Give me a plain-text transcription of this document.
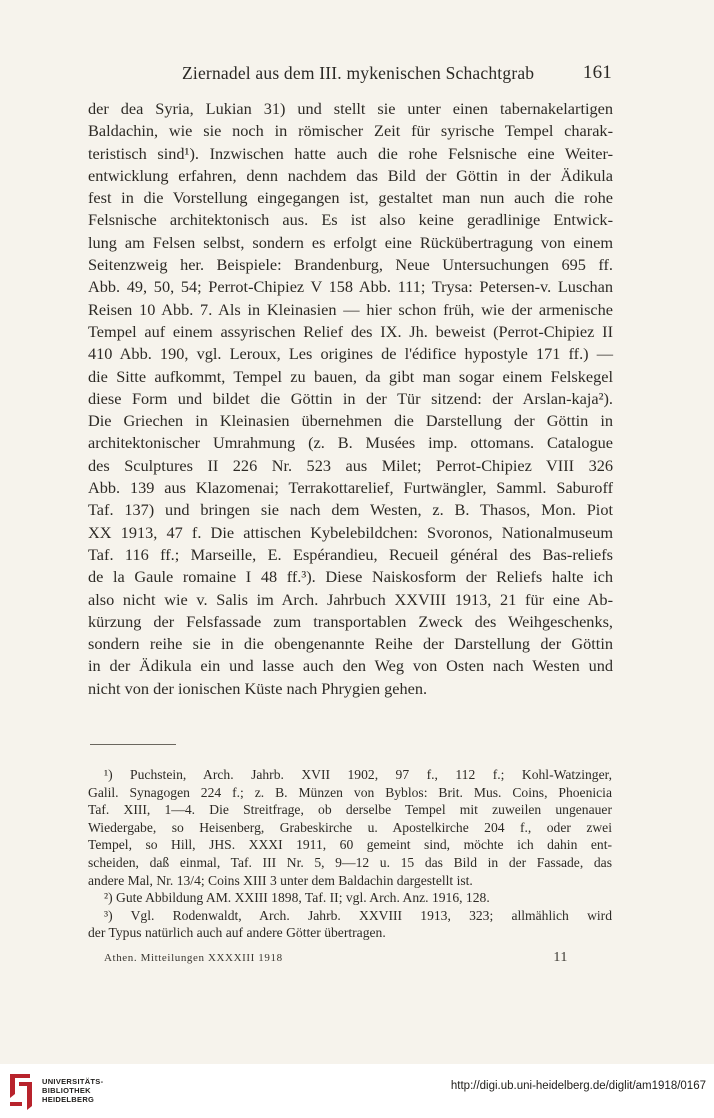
Ziernadel aus dem III. mykenischen Schachtgrab	161
der dea Syria, Lukian 31) und stellt sie unter einen tabernakelartigen
Baldachin, wie sie noch in römischer Zeit für syrische Tempel charak-
teristisch sind¹). Inzwischen hatte auch die rohe Felsnische eine Weiter-
entwicklung erfahren, denn nachdem das Bild der Göttin in der Ädikula
fest in die Vorstellung eingegangen ist, gestaltet man nun auch die rohe
Felsnische architektonisch aus. Es ist also keine geradlinige Entwick-
lung am Felsen selbst, sondern es erfolgt eine Rückübertragung von einem
Seitenzweig her. Beispiele: Brandenburg, Neue Untersuchungen 695 ff.
Abb. 49, 50, 54; Perrot-Chipiez V 158 Abb. 111; Trysa: Petersen-v. Luschan
Reisen 10 Abb. 7. Als in Kleinasien — hier schon früh, wie der armenische
Tempel auf einem assyrischen Relief des IX. Jh. beweist (Perrot-Chipiez II
410 Abb. 190, vgl. Leroux, Les origines de l'édifice hypostyle 171 ff.) —
die Sitte aufkommt, Tempel zu bauen, da gibt man sogar einem Felskegel
diese Form und bildet die Göttin in der Tür sitzend: der Arslan-kaja²).
Die Griechen in Kleinasien übernehmen die Darstellung der Göttin in
architektonischer Umrahmung (z. B. Musées imp. ottomans. Catalogue
des Sculptures II 226 Nr. 523 aus Milet; Perrot-Chipiez VIII 326
Abb. 139 aus Klazomenai; Terrakottarelief, Furtwängler, Samml. Saburoff
Taf. 137) und bringen sie nach dem Westen, z. B. Thasos, Mon. Piot
XX 1913, 47 f. Die attischen Kybelebildchen: Svoronos, Nationalmuseum
Taf. 116 ff.; Marseille, E. Espérandieu, Recueil général des Bas-reliefs
de la Gaule romaine I 48 ff.³). Diese Naiskosform der Reliefs halte ich
also nicht wie v. Salis im Arch. Jahrbuch XXVIII 1913, 21 für eine Ab-
kürzung der Felsfassade zum transportablen Zweck des Weihgeschenks,
sondern reihe sie in die obengenannte Reihe der Darstellung der Göttin
in der Ädikula ein und lasse auch den Weg von Osten nach Westen und
nicht von der ionischen Küste nach Phrygien gehen.
¹) Puchstein, Arch. Jahrb. XVII 1902, 97 f., 112 f.; Kohl-Watzinger,
Galil. Synagogen 224 f.; z. B. Münzen von Byblos: Brit. Mus. Coins, Phoenicia
Taf. XIII, 1—4. Die Streitfrage, ob derselbe Tempel mit zuweilen ungenauer
Wiedergabe, so Heisenberg, Grabeskirche u. Apostelkirche 204 f., oder zwei
Tempel, so Hill, JHS. XXXI 1911, 60 gemeint sind, möchte ich dahin ent-
scheiden, daß einmal, Taf. III Nr. 5, 9—12 u. 15 das Bild in der Fassade, das
andere Mal, Nr. 13/4; Coins XIII 3 unter dem Baldachin dargestellt ist.
²) Gute Abbildung AM. XXIII 1898, Taf. II; vgl. Arch. Anz. 1916, 128.
³) Vgl. Rodenwaldt, Arch. Jahrb. XXVIII 1913, 323; allmählich wird
der Typus natürlich auch auf andere Götter übertragen.
Athen. Mitteilungen XXXXIII 1918	11
UNIVERSITÄTS-
BIBLIOTHEK
HEIDELBERG
http://digi.ub.uni-heidelberg.de/diglit/am1918/0167
